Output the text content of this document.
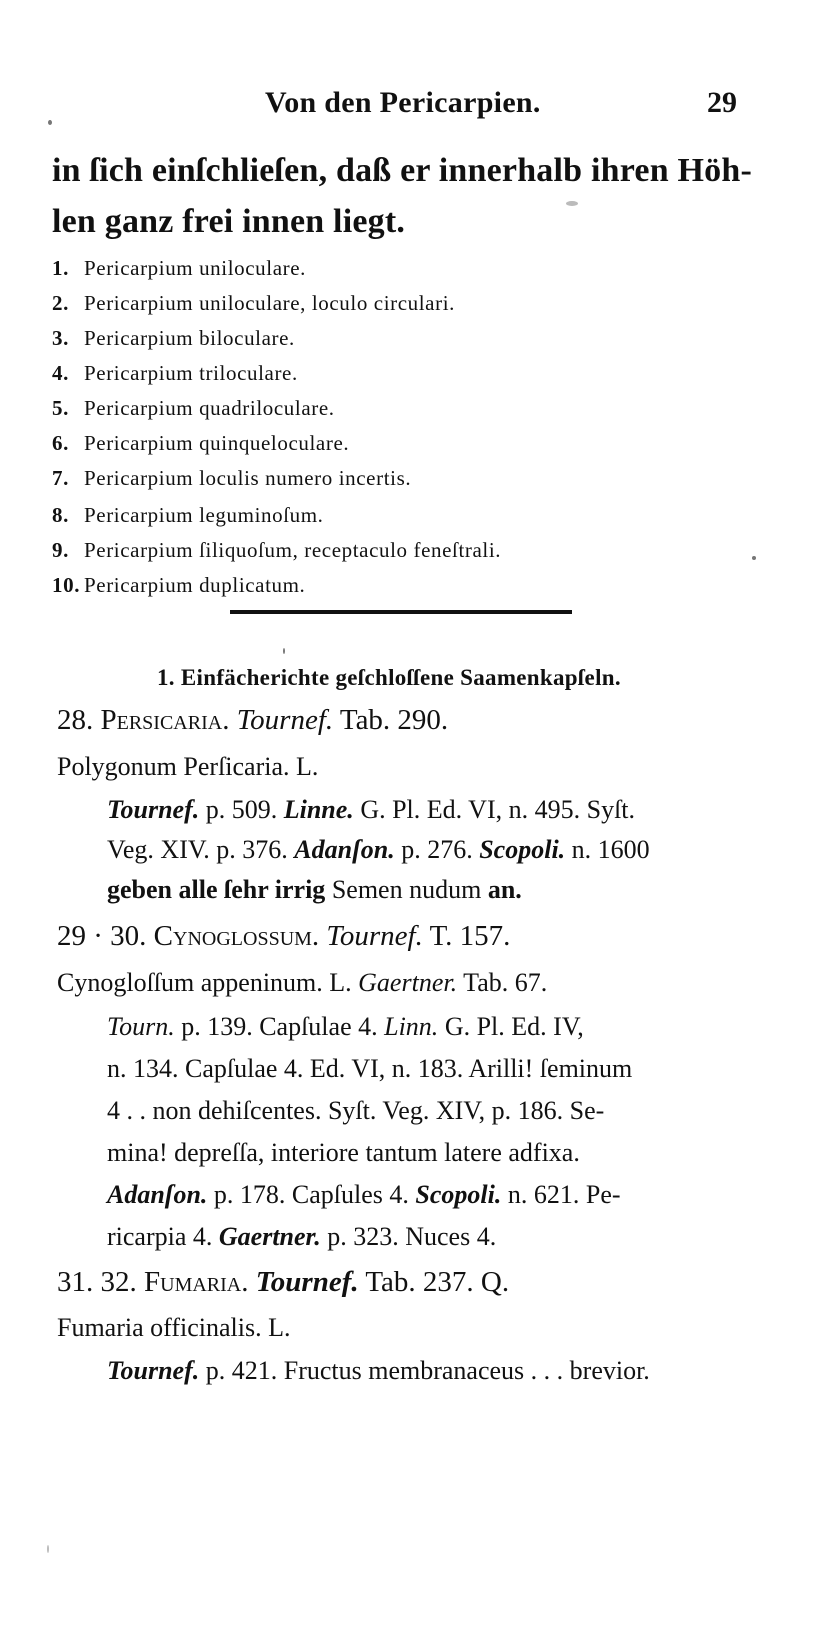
Von den Pericarpien.	29
in ſich einſchlieſen, daß er innerhalb ihren Höh-
len ganz frei innen liegt.
1. Pericarpium uniloculare.
2. Pericarpium uniloculare, loculo circulari.
3. Pericarpium biloculare.
4. Pericarpium triloculare.
5. Pericarpium quadriloculare.
6. Pericarpium quinqueloculare.
7. Pericarpium loculis numero incertis.
8. Pericarpium leguminoſum.
9. Pericarpium ſiliquoſum, receptaculo feneſtrali.
10. Pericarpium duplicatum.
1. Einfächerichte geſchloſſene Saamenkapſeln.
28. Persicaria. Tournef. Tab. 290.
Polygonum Perſicaria. L.
Tournef. p. 509. Linne. G. Pl. Ed. VI, n. 495. Syſt.
Veg. XIV. p. 376. Adanſon. p. 276. Scopoli. n. 1600
geben alle ſehr irrig Semen nudum an.
29 · 30. Cynoglossum. Tournef. T. 157.
Cynogloſſum appeninum. L. Gaertner. Tab. 67.
Tourn. p. 139. Capſulae 4. Linn. G. Pl. Ed. IV,
n. 134. Capſulae 4. Ed. VI, n. 183. Arilli! ſeminum
4 . . non dehiſcentes. Syſt. Veg. XIV, p. 186. Se-
mina! depreſſa, interiore tantum latere adfixa.
Adanſon. p. 178. Capſules 4. Scopoli. n. 621. Pe-
ricarpia 4. Gaertner. p. 323. Nuces 4.
31. 32. Fumaria. Tournef. Tab. 237. Q.
Fumaria officinalis. L.
Tournef. p. 421. Fructus membranaceus . . . brevior.
